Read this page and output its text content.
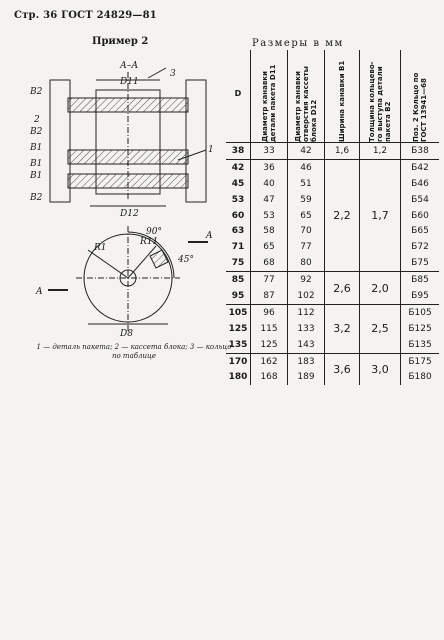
Стр. 36 ГОСТ 24829—81
Пример 2	Размеры в мм
А–А
D11
3
B2
B1
B1
B2
2
B1
B2
1
D12
90°
R1
R11
45°
A
A
D8
1 — деталь пакета; 2 — кассета блока; 3 — кольцо по таблице
D	Диаметр канавки детали пакета D11	Диаметр канавки отверстия кассеты блока D12	Ширина канавки B1	Толщина кольцево-го выступа детали пакета B2	Поз. 2 Кольцо по ГОСТ 13941—68

38	33	42	1,6	1,2	Б38
42	36	46	2,2	1,7	Б42
45	40	51			Б46
53	47	59			Б54
60	53	65			Б60
63	58	70			Б65
71	65	77			Б72
75	68	80			Б75
85	77	92	2,6	2,0	Б85
95	87	102			Б95
105	96	112	3,2	2,5	Б105
125	115	133			Б125
135	125	143			Б135
170	162	183	3,6	3,0	Б175
180	168	189			Б180
